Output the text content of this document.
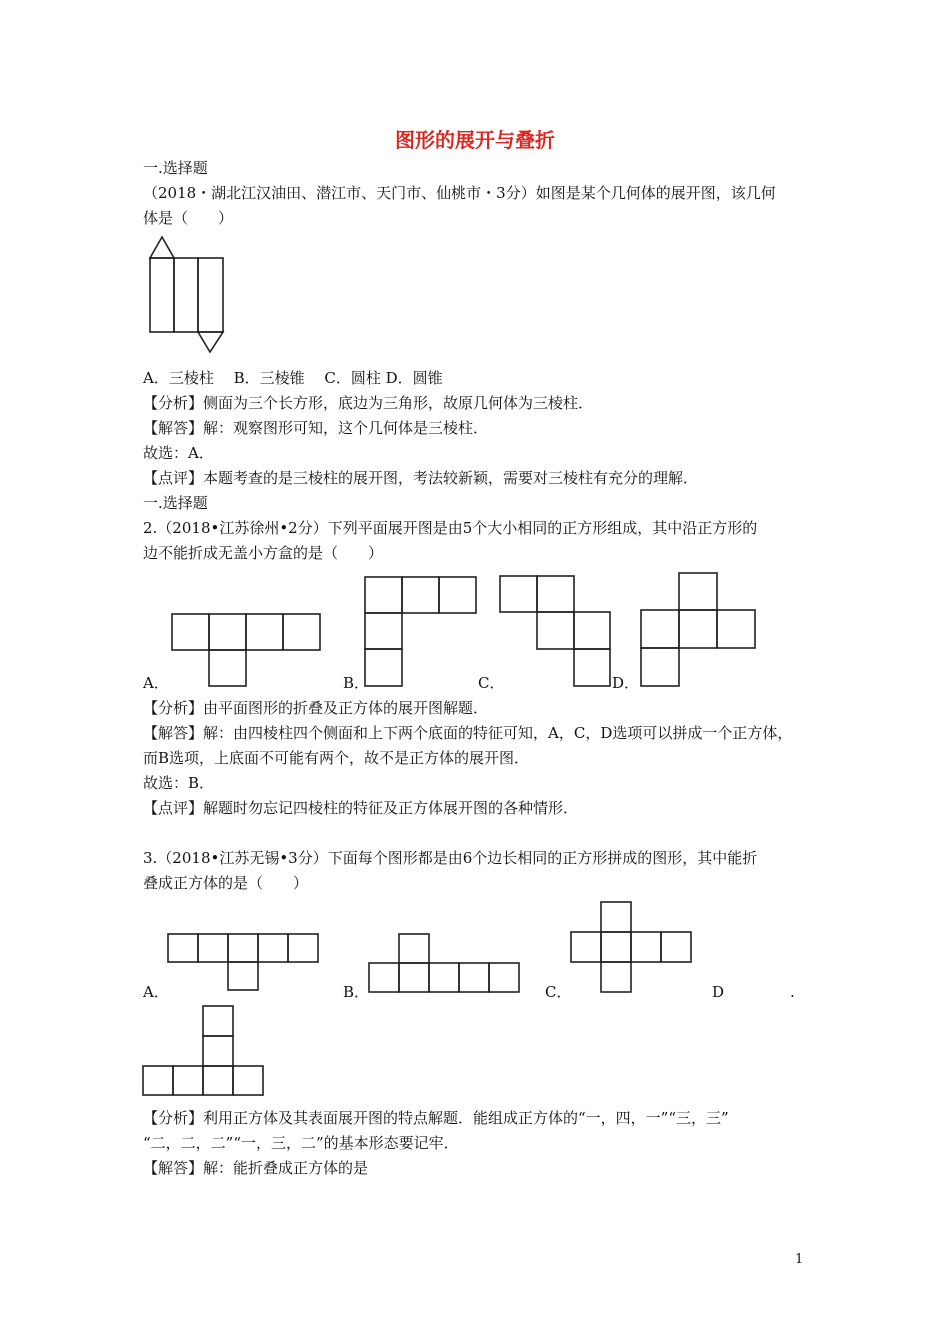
图形的展开与叠折
一.选择题
（2018・湖北江汉油田、潜江市、天门市、仙桃市・3分）如图是某个几何体的展开图，该几何
体是（　　）
A．三棱柱　 B．三棱锥　 C．圆柱 D．圆锥
【分析】侧面为三个长方形，底边为三角形，故原几何体为三棱柱．
【解答】解：观察图形可知，这个几何体是三棱柱．
故选：A．
【点评】本题考查的是三棱柱的展开图，考法较新颖，需要对三棱柱有充分的理解．
一.选择题
2.（2018•江苏徐州•2分）下列平面展开图是由5个大小相同的正方形组成，其中沿正方形的
边不能折成无盖小方盒的是（　　）
A．	B．	C．	D．
【分析】由平面图形的折叠及正方体的展开图解题．
【解答】解：由四棱柱四个侧面和上下两个底面的特征可知，A，C，D选项可以拼成一个正方体，
而B选项，上底面不可能有两个，故不是正方体的展开图．
故选：B．
【点评】解题时勿忘记四棱柱的特征及正方体展开图的各种情形．
3.（2018•江苏无锡•3分）下面每个图形都是由6个边长相同的正方形拼成的图形，其中能折
叠成正方体的是（　　）
A．	B．	C．	D	.
【分析】利用正方体及其表面展开图的特点解题．能组成正方体的“一，四，一”“三，三”
“二，二，二”“一，三，二”的基本形态要记牢．
【解答】解：能折叠成正方体的是
1
